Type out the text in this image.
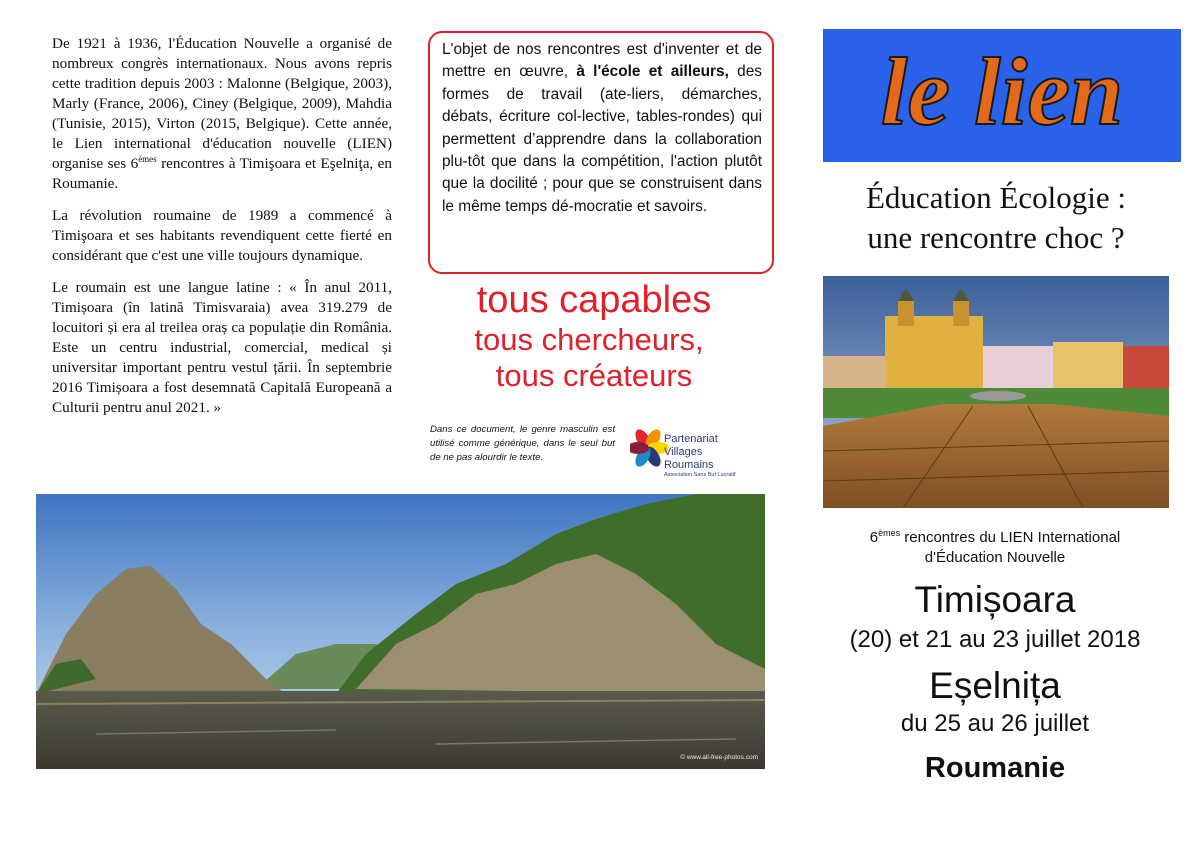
De 1921 à 1936, l'Éducation Nouvelle a organisé de nombreux congrès internationaux. Nous avons repris cette tradition depuis 2003 : Malonne (Belgique, 2003), Marly (France, 2006), Ciney (Belgique, 2009), Mahdia (Tunisie, 2015), Virton (2015, Belgique). Cette année, le Lien international d'éducation nouvelle (LIEN) organise ses 6èmes rencontres à Timişoara et Eşelniţa, en Roumanie.

La révolution roumaine de 1989 a commencé à Timişoara et ses habitants revendiquent cette fierté en considérant que c'est une ville toujours dynamique.

Le roumain est une langue latine : « În anul 2011, Timișoara (în latină Timisvaraia) avea 319.279 de locuitori și era al treilea oraș ca populație din România. Este un centru industrial, comercial, medical și universitar important pentru vestul țării. În septembrie 2016 Timișoara a fost desemnată Capitală Europeană a Culturii pentru anul 2021. »

L'objet de nos rencontres est d'inventer et de mettre en œuvre, à l'école et ailleurs, des formes de travail (ate-liers, démarches, débats, écriture col-lective, tables-rondes) qui permettent d’apprendre dans la collaboration plu-tôt que dans la compétition, l'action plutôt que la docilité ; pour que se construisent dans le même temps dé-mocratie et savoirs.
tous capables
tous chercheurs,
tous créateurs
Dans ce document, le genre masculin est utilisé comme générique, dans le seul but de ne pas alourdir le texte.
Partenariat
Villages
Roumains
Association Sans But Lucratif
© www.all-free-photos.com
le lien
Éducation Écologie :
une rencontre choc ?
6èmes rencontres du LIEN International
d'Éducation Nouvelle
Timișoara
(20) et 21 au 23 juillet 2018
Eșelnița
du 25 au 26 juillet
Roumanie
